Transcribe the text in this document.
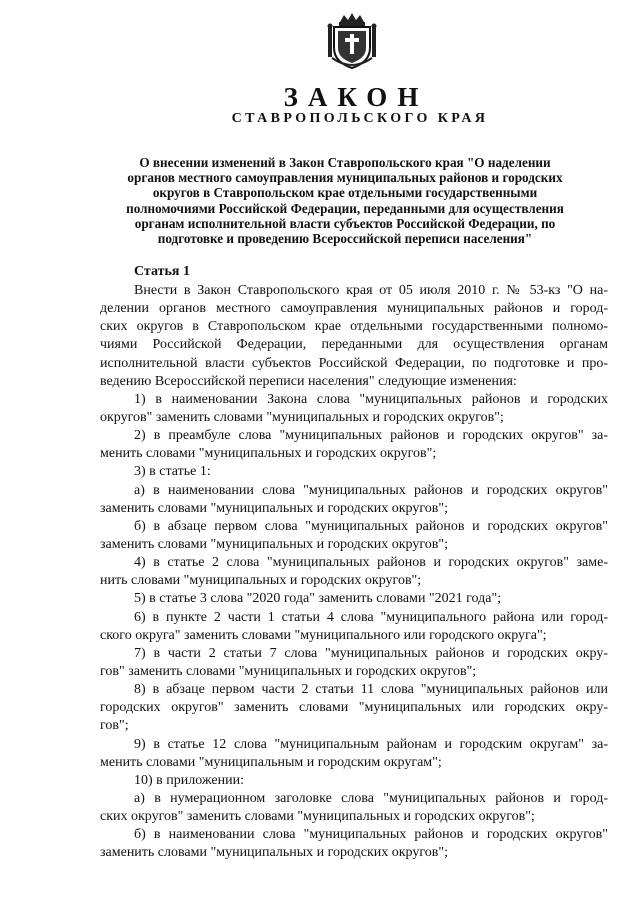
ЗАКОН
СТАВРОПОЛЬСКОГО КРАЯ
О внесении изменений в Закон Ставропольского края "О наделении
органов местного самоуправления муниципальных районов и городских
округов в Ставропольском крае отдельными государственными
полномочиями Российской Федерации, переданными для осуществления
органам исполнительной власти субъектов Российской Федерации, по
подготовке и проведению Всероссийской переписи населения"
Статья 1
Внести в Закон Ставропольского края от 05 июля 2010 г. № 53-кз "О на-
делении органов местного самоуправления муниципальных районов и город-
ских округов в Ставропольском крае отдельными государственными полномо-
чиями Российской Федерации, переданными для осуществления органам
исполнительной власти субъектов Российской Федерации, по подготовке и про-
ведению Всероссийской переписи населения" следующие изменения:
1) в наименовании Закона слова "муниципальных районов и городских
округов" заменить словами "муниципальных и городских округов";
2) в преамбуле слова "муниципальных районов и городских округов" за-
менить словами "муниципальных и городских округов";
3) в статье 1:
а) в наименовании слова "муниципальных районов и городских округов"
заменить словами "муниципальных и городских округов";
б) в абзаце первом слова "муниципальных районов и городских округов"
заменить словами "муниципальных и городских округов";
4) в статье 2 слова "муниципальных районов и городских округов" заме-
нить словами "муниципальных и городских округов";
5) в статье 3 слова "2020 года" заменить словами "2021 года";
6) в пункте 2 части 1 статьи 4 слова "муниципального района или город-
ского округа" заменить словами "муниципального или городского округа";
7) в части 2 статьи 7 слова "муниципальных районов и городских окру-
гов" заменить словами "муниципальных и городских округов";
8) в абзаце первом части 2 статьи 11 слова "муниципальных районов или
городских округов" заменить словами "муниципальных или городских окру-
гов";
9) в статье 12 слова "муниципальным районам и городским округам" за-
менить словами "муниципальным и городским округам";
10) в приложении:
а) в нумерационном заголовке слова "муниципальных районов и город-
ских округов" заменить словами "муниципальных и городских округов";
б) в наименовании слова "муниципальных районов и городских округов"
заменить словами "муниципальных и городских округов";
